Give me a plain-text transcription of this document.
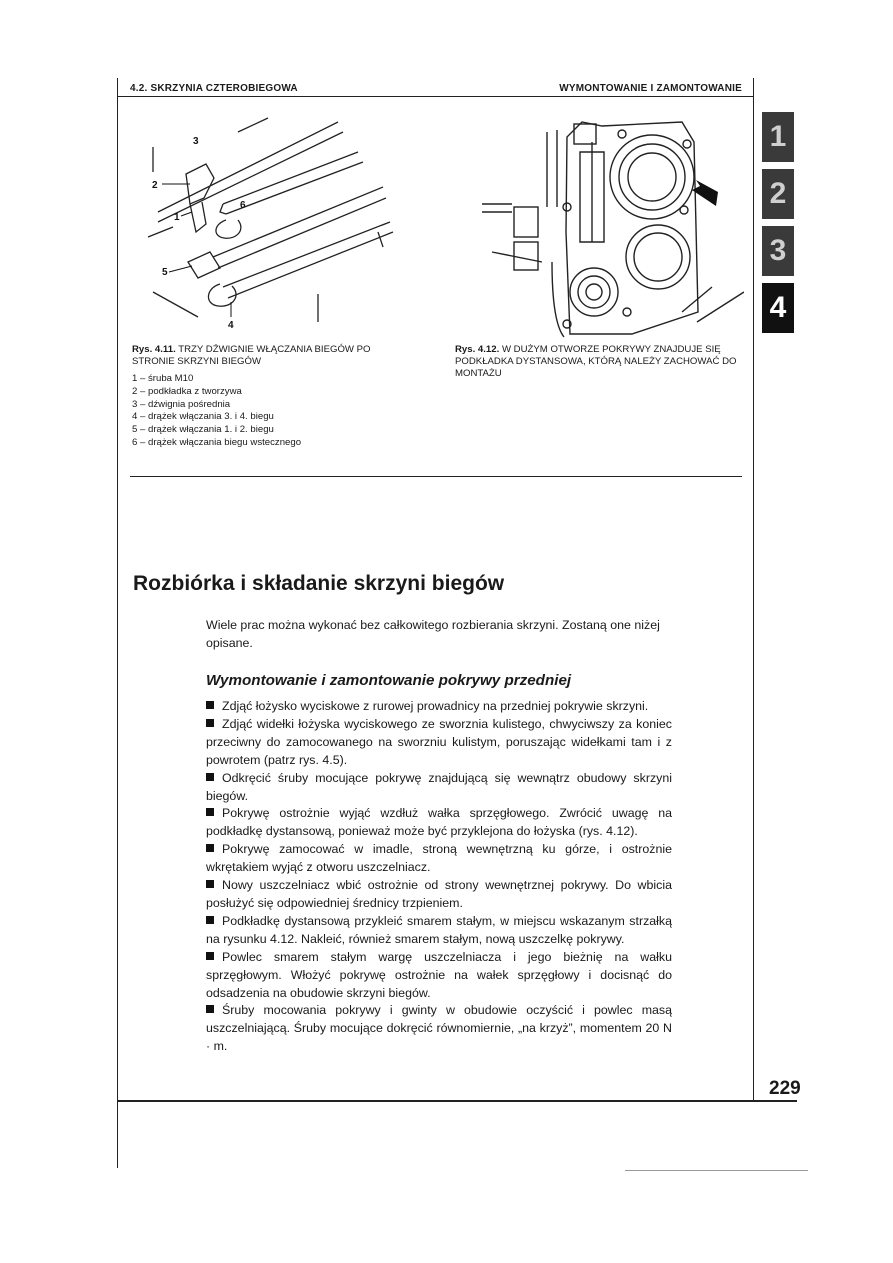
4.2. SKRZYNIA CZTEROBIEGOWA	WYMONTOWANIE I ZAMONTOWANIE
1
2
3
4
3
2
1
6
5
4
Rys. 4.11. TRZY DŹWIGNIE WŁĄCZANIA BIEGÓW PO STRONIE SKRZYNI BIEGÓW
1 – śruba M10
2 – podkładka z tworzywa
3 – dźwignia pośrednia
4 – drążek włączania 3. i 4. biegu
5 – drążek włączania 1. i 2. biegu
6 – drążek włączania biegu wstecznego
Rys. 4.12. W DUŻYM OTWORZE POKRYWY ZNAJDUJE SIĘ PODKŁADKA DYSTANSOWA, KTÓRĄ NALEŻY ZACHOWAĆ DO MONTAŻU
Rozbiórka i składanie skrzyni biegów
Wiele prac można wykonać bez całkowitego rozbierania skrzyni. Zostaną one niżej opisane.
Wymontowanie i zamontowanie pokrywy przedniej

Zdjąć łożysko wyciskowe z rurowej prowadnicy na przedniej pokrywie skrzyni.

Zdjąć widełki łożyska wyciskowego ze sworznia kulistego, chwyciwszy za koniec przeciwny do zamocowanego na sworzniu kulistym, poruszając widełkami tam i z powrotem (patrz rys. 4.5).

Odkręcić śruby mocujące pokrywę znajdującą się wewnątrz obudowy skrzyni biegów.

Pokrywę ostrożnie wyjąć wzdłuż wałka sprzęgłowego. Zwrócić uwagę na podkładkę dystansową, ponieważ może być przyklejona do łożyska (rys. 4.12).

Pokrywę zamocować w imadle, stroną wewnętrzną ku górze, i ostrożnie wkrętakiem wyjąć z otworu uszczelniacz.

Nowy uszczelniacz wbić ostrożnie od strony wewnętrznej pokrywy. Do wbicia posłużyć się odpowiedniej średnicy trzpieniem.

Podkładkę dystansową przykleić smarem stałym, w miejscu wskazanym strzałką na rysunku 4.12. Nakleić, również smarem stałym, nową uszczelkę pokrywy.

Powlec smarem stałym wargę uszczelniacza i jego bieżnię na wałku sprzęgłowym. Włożyć pokrywę ostrożnie na wałek sprzęgłowy i docisnąć do odsadzenia na obudowie skrzyni biegów.

Śruby mocowania pokrywy i gwinty w obudowie oczyścić i powlec masą uszczelniającą. Śruby mocujące dokręcić równomiernie, „na krzyż”, momentem 20 N · m.

229
